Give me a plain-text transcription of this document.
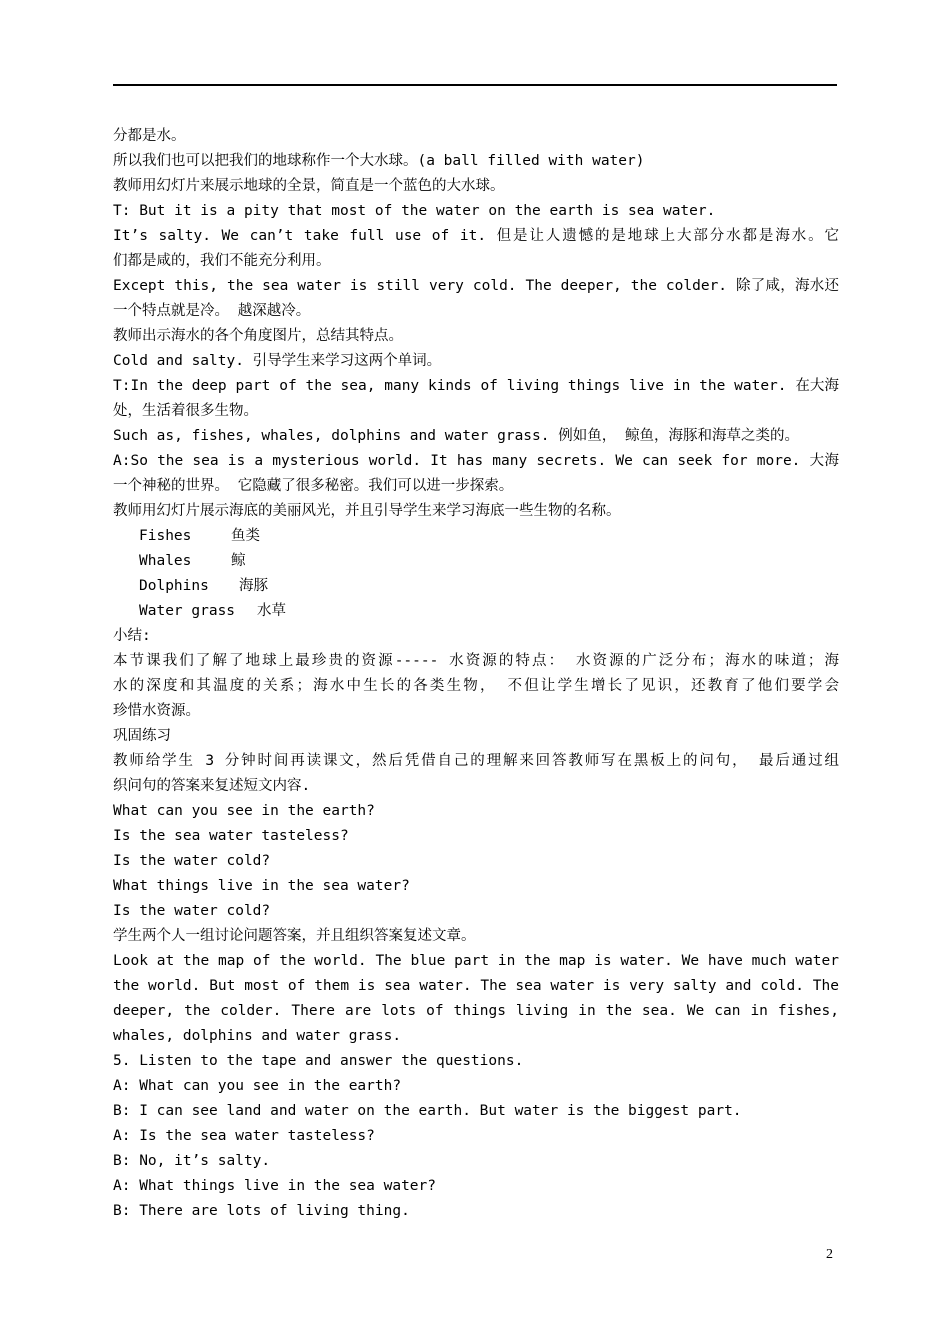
分都是水。
所以我们也可以把我们的地球称作一个大水球。(a ball filled with water)
教师用幻灯片来展示地球的全景，简直是一个蓝色的大水球。
T: But it is a pity that most of the water on the earth is sea water.
It’s salty. We can’t take full use of it. 但是让人遗憾的是地球上大部分水都是海水。它
们都是咸的，我们不能充分利用。
Except this, the sea water is still very cold. The deeper, the colder. 除了咸，海水还
一个特点就是冷。 越深越冷。
教师出示海水的各个角度图片，总结其特点。
Cold and salty. 引导学生来学习这两个单词。
T:In the deep part of the sea, many kinds of living things live in the water. 在大海
处，生活着很多生物。
Such as, fishes, whales, dolphins and water grass. 例如鱼， 鲸鱼，海豚和海草之类的。
A:So the sea is a mysterious world. It has many secrets. We can seek for more. 大海
一个神秘的世界。 它隐藏了很多秘密。我们可以进一步探索。
教师用幻灯片展示海底的美丽风光，并且引导学生来学习海底一些生物的名称。
Fishes	鱼类
Whales	鲸
Dolphins 海豚
Water grass 水草
小结:
本节课我们了解了地球上最珍贵的资源----- 水资源的特点： 水资源的广泛分布；海水的味道；海
水的深度和其温度的关系；海水中生长的各类生物， 不但让学生增长了见识，还教育了他们要学会
珍惜水资源。
巩固练习
教师给学生 3 分钟时间再读课文，然后凭借自己的理解来回答教师写在黑板上的问句， 最后通过组
织问句的答案来复述短文内容.
What can you see in the earth?
Is the sea water tasteless?
Is the water cold?
What things live in the sea water?
Is the water cold?
学生两个人一组讨论问题答案，并且组织答案复述文章。
Look at the map of the world. The blue part in the map is water. We have much water
the world. But most of them is sea water. The sea water is very salty and cold. The
deeper, the colder. There are lots of things living in the sea. We can in fishes,
whales, dolphins and water grass.
5. Listen to the tape and answer the questions.
A: What can you see in the earth?
B: I can see land and water on the earth. But water is the biggest part.
A: Is the sea water tasteless?
B: No, it’s salty.
A: What things live in the sea water?
B: There are lots of living thing.
2
